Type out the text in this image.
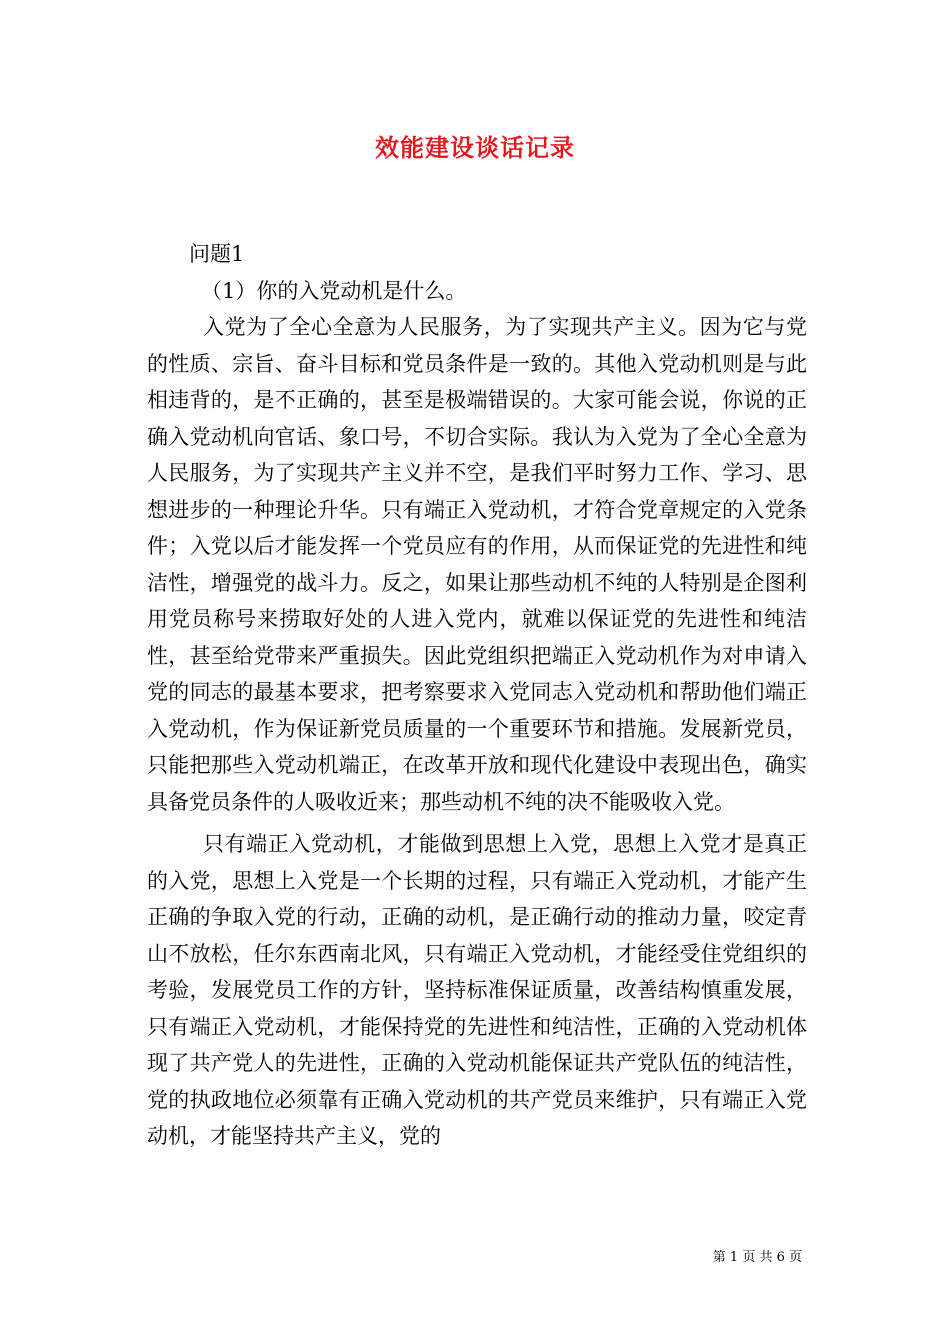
效能建设谈话记录

问题1

（1）你的入党动机是什么。

入党为了全心全意为人民服务，为了实现共产主义。因为它与党的性质、宗旨、奋斗目标和党员条件是一致的。其他入党动机则是与此相违背的，是不正确的，甚至是极端错误的。大家可能会说，你说的正确入党动机向官话、象口号，不切合实际。我认为入党为了全心全意为人民服务，为了实现共产主义并不空，是我们平时努力工作、学习、思想进步的一种理论升华。只有端正入党动机，才符合党章规定的入党条件；入党以后才能发挥一个党员应有的作用，从而保证党的先进性和纯洁性，增强党的战斗力。反之，如果让那些动机不纯的人特别是企图利用党员称号来捞取好处的人进入党内，就难以保证党的先进性和纯洁性，甚至给党带来严重损失。因此党组织把端正入党动机作为对申请入党的同志的最基本要求，把考察要求入党同志入党动机和帮助他们端正入党动机，作为保证新党员质量的一个重要环节和措施。发展新党员，只能把那些入党动机端正，在改革开放和现代化建设中表现出色，确实具备党员条件的人吸收近来；那些动机不纯的决不能吸收入党。

只有端正入党动机，才能做到思想上入党，思想上入党才是真正的入党，思想上入党是一个长期的过程，只有端正入党动机，才能产生正确的争取入党的行动，正确的动机，是正确行动的推动力量，咬定青山不放松，任尔东西南北风，只有端正入党动机，才能经受住党组织的考验，发展党员工作的方针，坚持标准保证质量，改善结构慎重发展，只有端正入党动机，才能保持党的先进性和纯洁性，正确的入党动机体现了共产党人的先进性，正确的入党动机能保证共产党队伍的纯洁性，党的执政地位必须靠有正确入党动机的共产党员来维护，只有端正入党动机，才能坚持共产主义，党的

第 1 页 共 6 页
